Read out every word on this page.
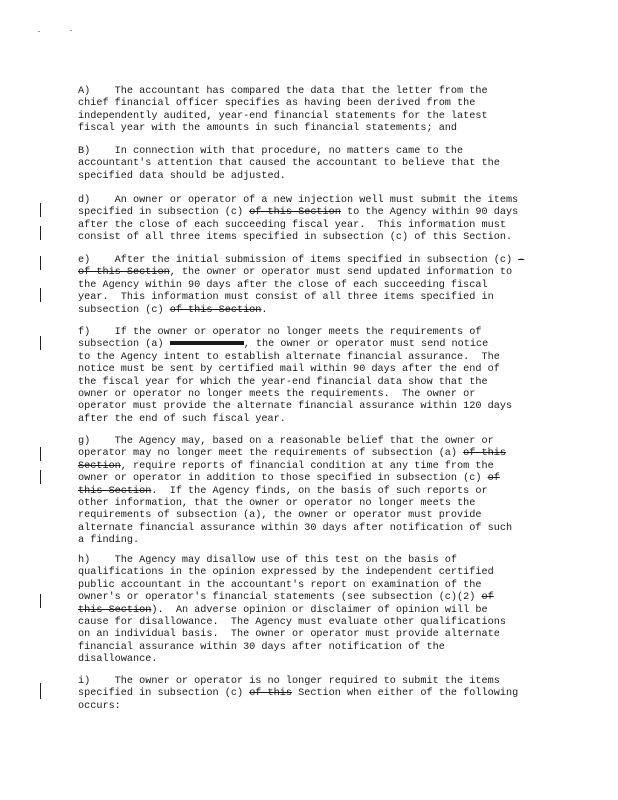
A)    The accountant has compared the data that the letter from the
chief financial officer specifies as having been derived from the
independently audited, year-end financial statements for the latest
fiscal year with the amounts in such financial statements; and
B)    In connection with that procedure, no matters came to the
accountant's attention that caused the accountant to believe that the
specified data should be adjusted.
d)    An owner or operator of a new injection well must submit the items
specified in subsection (c) of this Section to the Agency within 90 days
after the close of each succeeding fiscal year.  This information must
consist of all three items specified in subsection (c) of this Section.
e)    After the initial submission of items specified in subsection (c) -
of this Section, the owner or operator must send updated information to
the Agency within 90 days after the close of each succeeding fiscal
year.  This information must consist of all three items specified in
subsection (c) of this Section.
f)    If the owner or operator no longer meets the requirements of
subsection (a)	, the owner or operator must send notice
to the Agency intent to establish alternate financial assurance.  The
notice must be sent by certified mail within 90 days after the end of
the fiscal year for which the year-end financial data show that the
owner or operator no longer meets the requirements.  The owner or
operator must provide the alternate financial assurance within 120 days
after the end of such fiscal year.
g)    The Agency may, based on a reasonable belief that the owner or
operator may no longer meet the requirements of subsection (a) of this
Section, require reports of financial condition at any time from the
owner or operator in addition to those specified in subsection (c) of
this Section.  If the Agency finds, on the basis of such reports or
other information, that the owner or operator no longer meets the
requirements of subsection (a), the owner or operator must provide
alternate financial assurance within 30 days after notification of such
a finding.
h)    The Agency may disallow use of this test on the basis of
qualifications in the opinion expressed by the independent certified
public accountant in the accountant's report on examination of the
owner's or operator's financial statements (see subsection (c)(2) of
this Section).  An adverse opinion or disclaimer of opinion will be
cause for disallowance.  The Agency must evaluate other qualifications
on an individual basis.  The owner or operator must provide alternate
financial assurance within 30 days after notification of the
disallowance.
i)    The owner or operator is no longer required to submit the items
specified in subsection (c) of this Section when either of the following
occurs:
